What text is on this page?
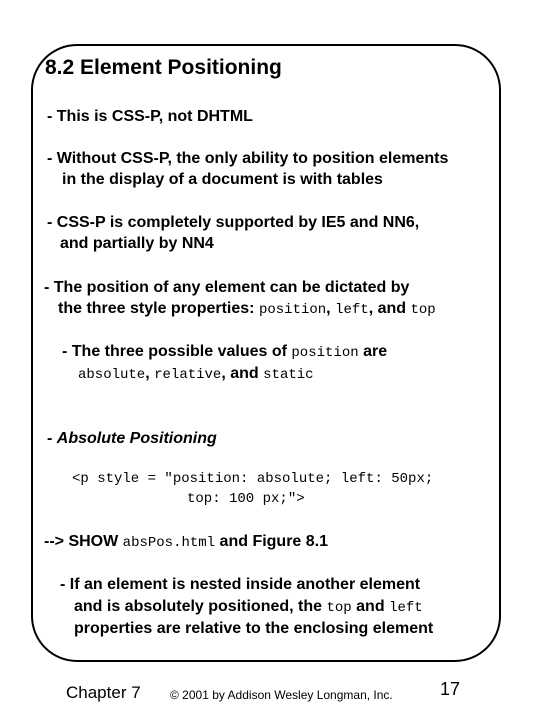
8.2 Element Positioning
- This is CSS-P, not DHTML
- Without CSS-P, the only ability to position elements
in the display of a document is with tables
- CSS-P is completely supported by IE5 and NN6,
and partially by NN4
- The position of any element can be dictated by
the three style properties: position, left, and top
- The three possible values of position are
absolute, relative, and static
- Absolute Positioning
<p style = "position: absolute; left: 50px;
top: 100 px;">
--> SHOW absPos.html and Figure 8.1
- If an element is nested inside another element
and is absolutely positioned, the top and left
properties are relative to the enclosing element
Chapter 7 © 2001 by Addison Wesley Longman, Inc.	17
